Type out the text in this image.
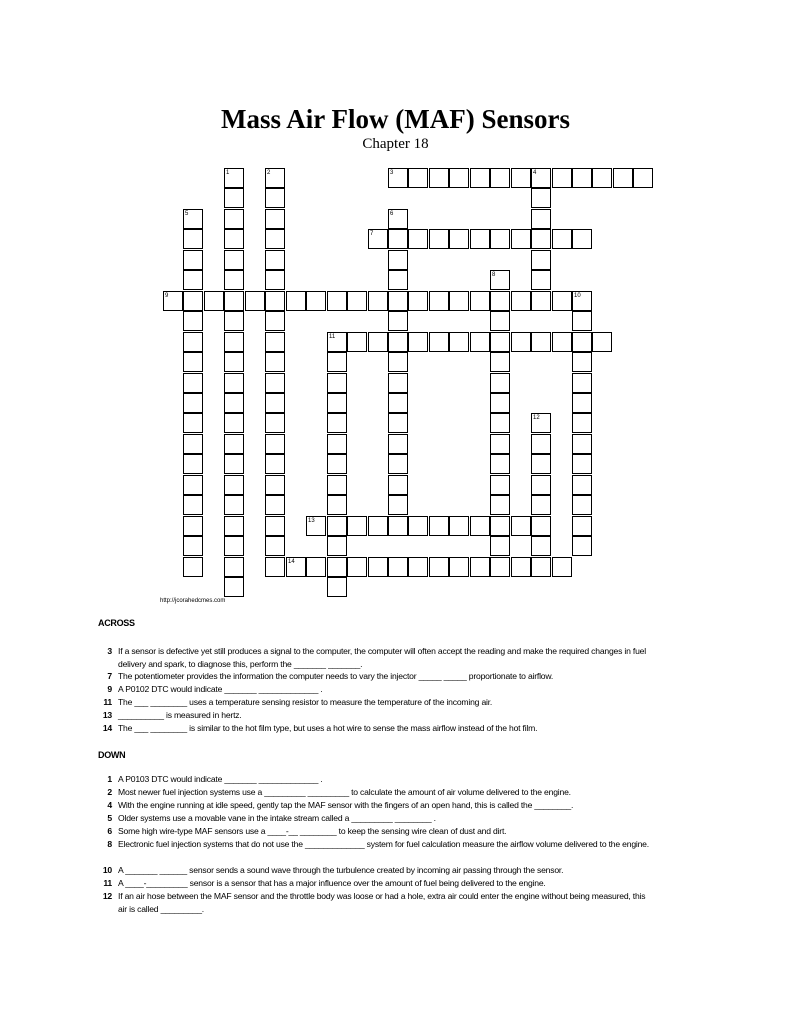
Mass Air Flow (MAF) Sensors
Chapter 18
1	2	3	4
5	6
7
8
9	10
11
12
13
14
http://jcorahedcmes.com
ACROSS
3 If a sensor is defective yet still produces a signal to the computer, the computer will often accept the reading and make the required changes in fuel delivery and spark, to diagnose this, perform the _______ _______.
7 The potentiometer provides the information the computer needs to vary the injector _____ _____ proportionate to airflow.
9 A P0102 DTC would indicate _______ _____________ .
11 The ___ ________ uses a temperature sensing resistor to measure the temperature of the incoming air.
13 __________ is measured in hertz.
14 The ___ ________ is similar to the hot film type, but uses a hot wire to sense the mass airflow instead of the hot film.
DOWN
1 A P0103 DTC would indicate _______ _____________ .
2 Most newer fuel injection systems use a _________ _________ to calculate the amount of air volume delivered to the engine.
4 With the engine running at idle speed, gently tap the MAF sensor with the fingers of an open hand, this is called the ________.
5 Older systems use a movable vane in the intake stream called a _________ ________ .
6 Some high wire-type MAF sensors use a ____-__ ________ to keep the sensing wire clean of dust and dirt.
8 Electronic fuel injection systems that do not use the _____________ system for fuel calculation measure the airflow volume delivered to the engine.
10 A _______ ______ sensor sends a sound wave through the turbulence created by incoming air passing through the sensor.
11 A ____-_________ sensor is a sensor that has a major influence over the amount of fuel being delivered to the engine.
12 If an air hose between the MAF sensor and the throttle body was loose or had a hole, extra air could enter the engine without being measured, this air is called _________.
